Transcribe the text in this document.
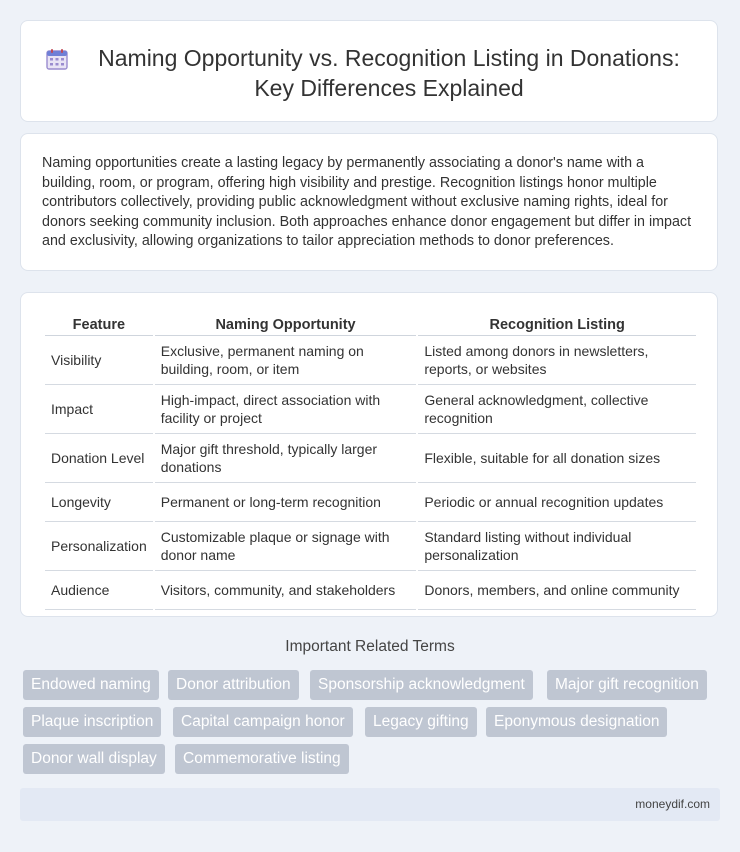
Naming Opportunity vs. Recognition Listing in Donations: Key Differences Explained

Naming opportunities create a lasting legacy by permanently associating a donor's name with a building, room, or program, offering high visibility and prestige. Recognition listings honor multiple contributors collectively, providing public acknowledgment without exclusive naming rights, ideal for donors seeking community inclusion. Both approaches enhance donor engagement but differ in impact and exclusivity, allowing organizations to tailor appreciation methods to donor preferences.

Feature	Naming Opportunity	Recognition Listing
Visibility	Exclusive, permanent naming on building, room, or item	Listed among donors in newsletters, reports, or websites
Impact	High-impact, direct association with facility or project	General acknowledgment, collective recognition
Donation Level	Major gift threshold, typically larger donations	Flexible, suitable for all donation sizes
Longevity	Permanent or long-term recognition	Periodic or annual recognition updates
Personalization	Customizable plaque or signage with donor name	Standard listing without individual personalization
Audience	Visitors, community, and stakeholders	Donors, members, and online community
Important Related Terms
Endowed naming	Donor attribution	Sponsorship acknowledgment	Major gift recognition
Plaque inscription	Capital campaign honor	Legacy gifting	Eponymous designation
Donor wall display	Commemorative listing
moneydif.com
